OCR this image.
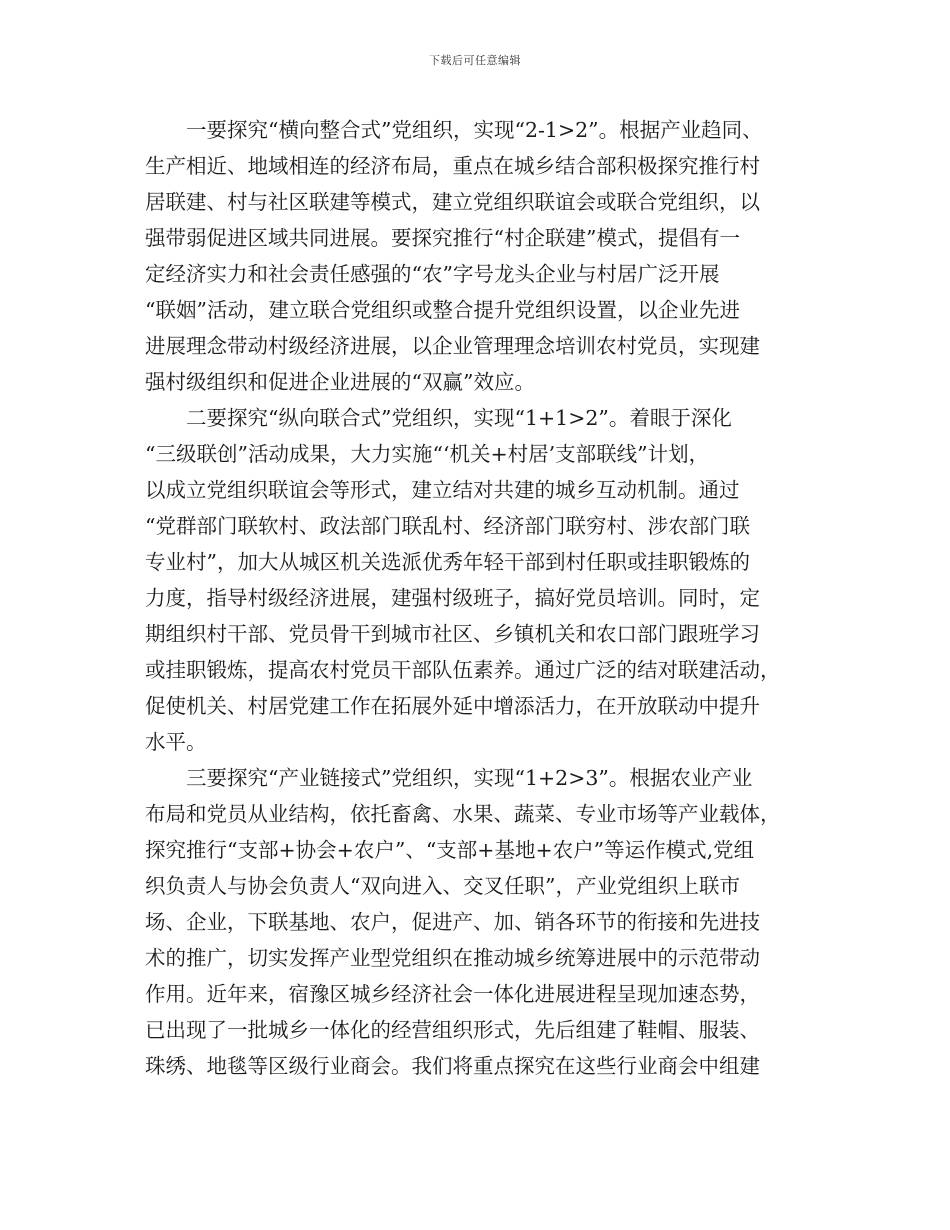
下载后可任意编辑
　　一要探究“横向整合式”党组织，实现“2-1>2”。根据产业趋同、
生产相近、地域相连的经济布局，重点在城乡结合部积极探究推行村
居联建、村与社区联建等模式，建立党组织联谊会或联合党组织，以
强带弱促进区域共同进展。要探究推行“村企联建”模式，提倡有一
定经济实力和社会责任感强的“农”字号龙头企业与村居广泛开展
“联姻”活动，建立联合党组织或整合提升党组织设置，以企业先进
进展理念带动村级经济进展，以企业管理理念培训农村党员，实现建
强村级组织和促进企业进展的“双赢”效应。
　　二要探究“纵向联合式”党组织，实现“1+1>2”。着眼于深化
“三级联创”活动成果，大力实施“‘机关+村居’支部联线”计划，
以成立党组织联谊会等形式，建立结对共建的城乡互动机制。通过
“党群部门联软村、政法部门联乱村、经济部门联穷村、涉农部门联
专业村”，加大从城区机关选派优秀年轻干部到村任职或挂职锻炼的
力度，指导村级经济进展，建强村级班子，搞好党员培训。同时，定
期组织村干部、党员骨干到城市社区、乡镇机关和农口部门跟班学习
或挂职锻炼，提高农村党员干部队伍素养。通过广泛的结对联建活动，
促使机关、村居党建工作在拓展外延中增添活力，在开放联动中提升
水平。
　　三要探究“产业链接式”党组织，实现“1+2>3”。根据农业产业
布局和党员从业结构，依托畜禽、水果、蔬菜、专业市场等产业载体，
探究推行“支部+协会+农户”、“支部+基地+农户”等运作模式,党组
织负责人与协会负责人“双向进入、交叉任职”，产业党组织上联市
场、企业，下联基地、农户，促进产、加、销各环节的衔接和先进技
术的推广，切实发挥产业型党组织在推动城乡统筹进展中的示范带动
作用。近年来，宿豫区城乡经济社会一体化进展进程呈现加速态势，
已出现了一批城乡一体化的经营组织形式，先后组建了鞋帽、服装、
珠绣、地毯等区级行业商会。我们将重点探究在这些行业商会中组建
